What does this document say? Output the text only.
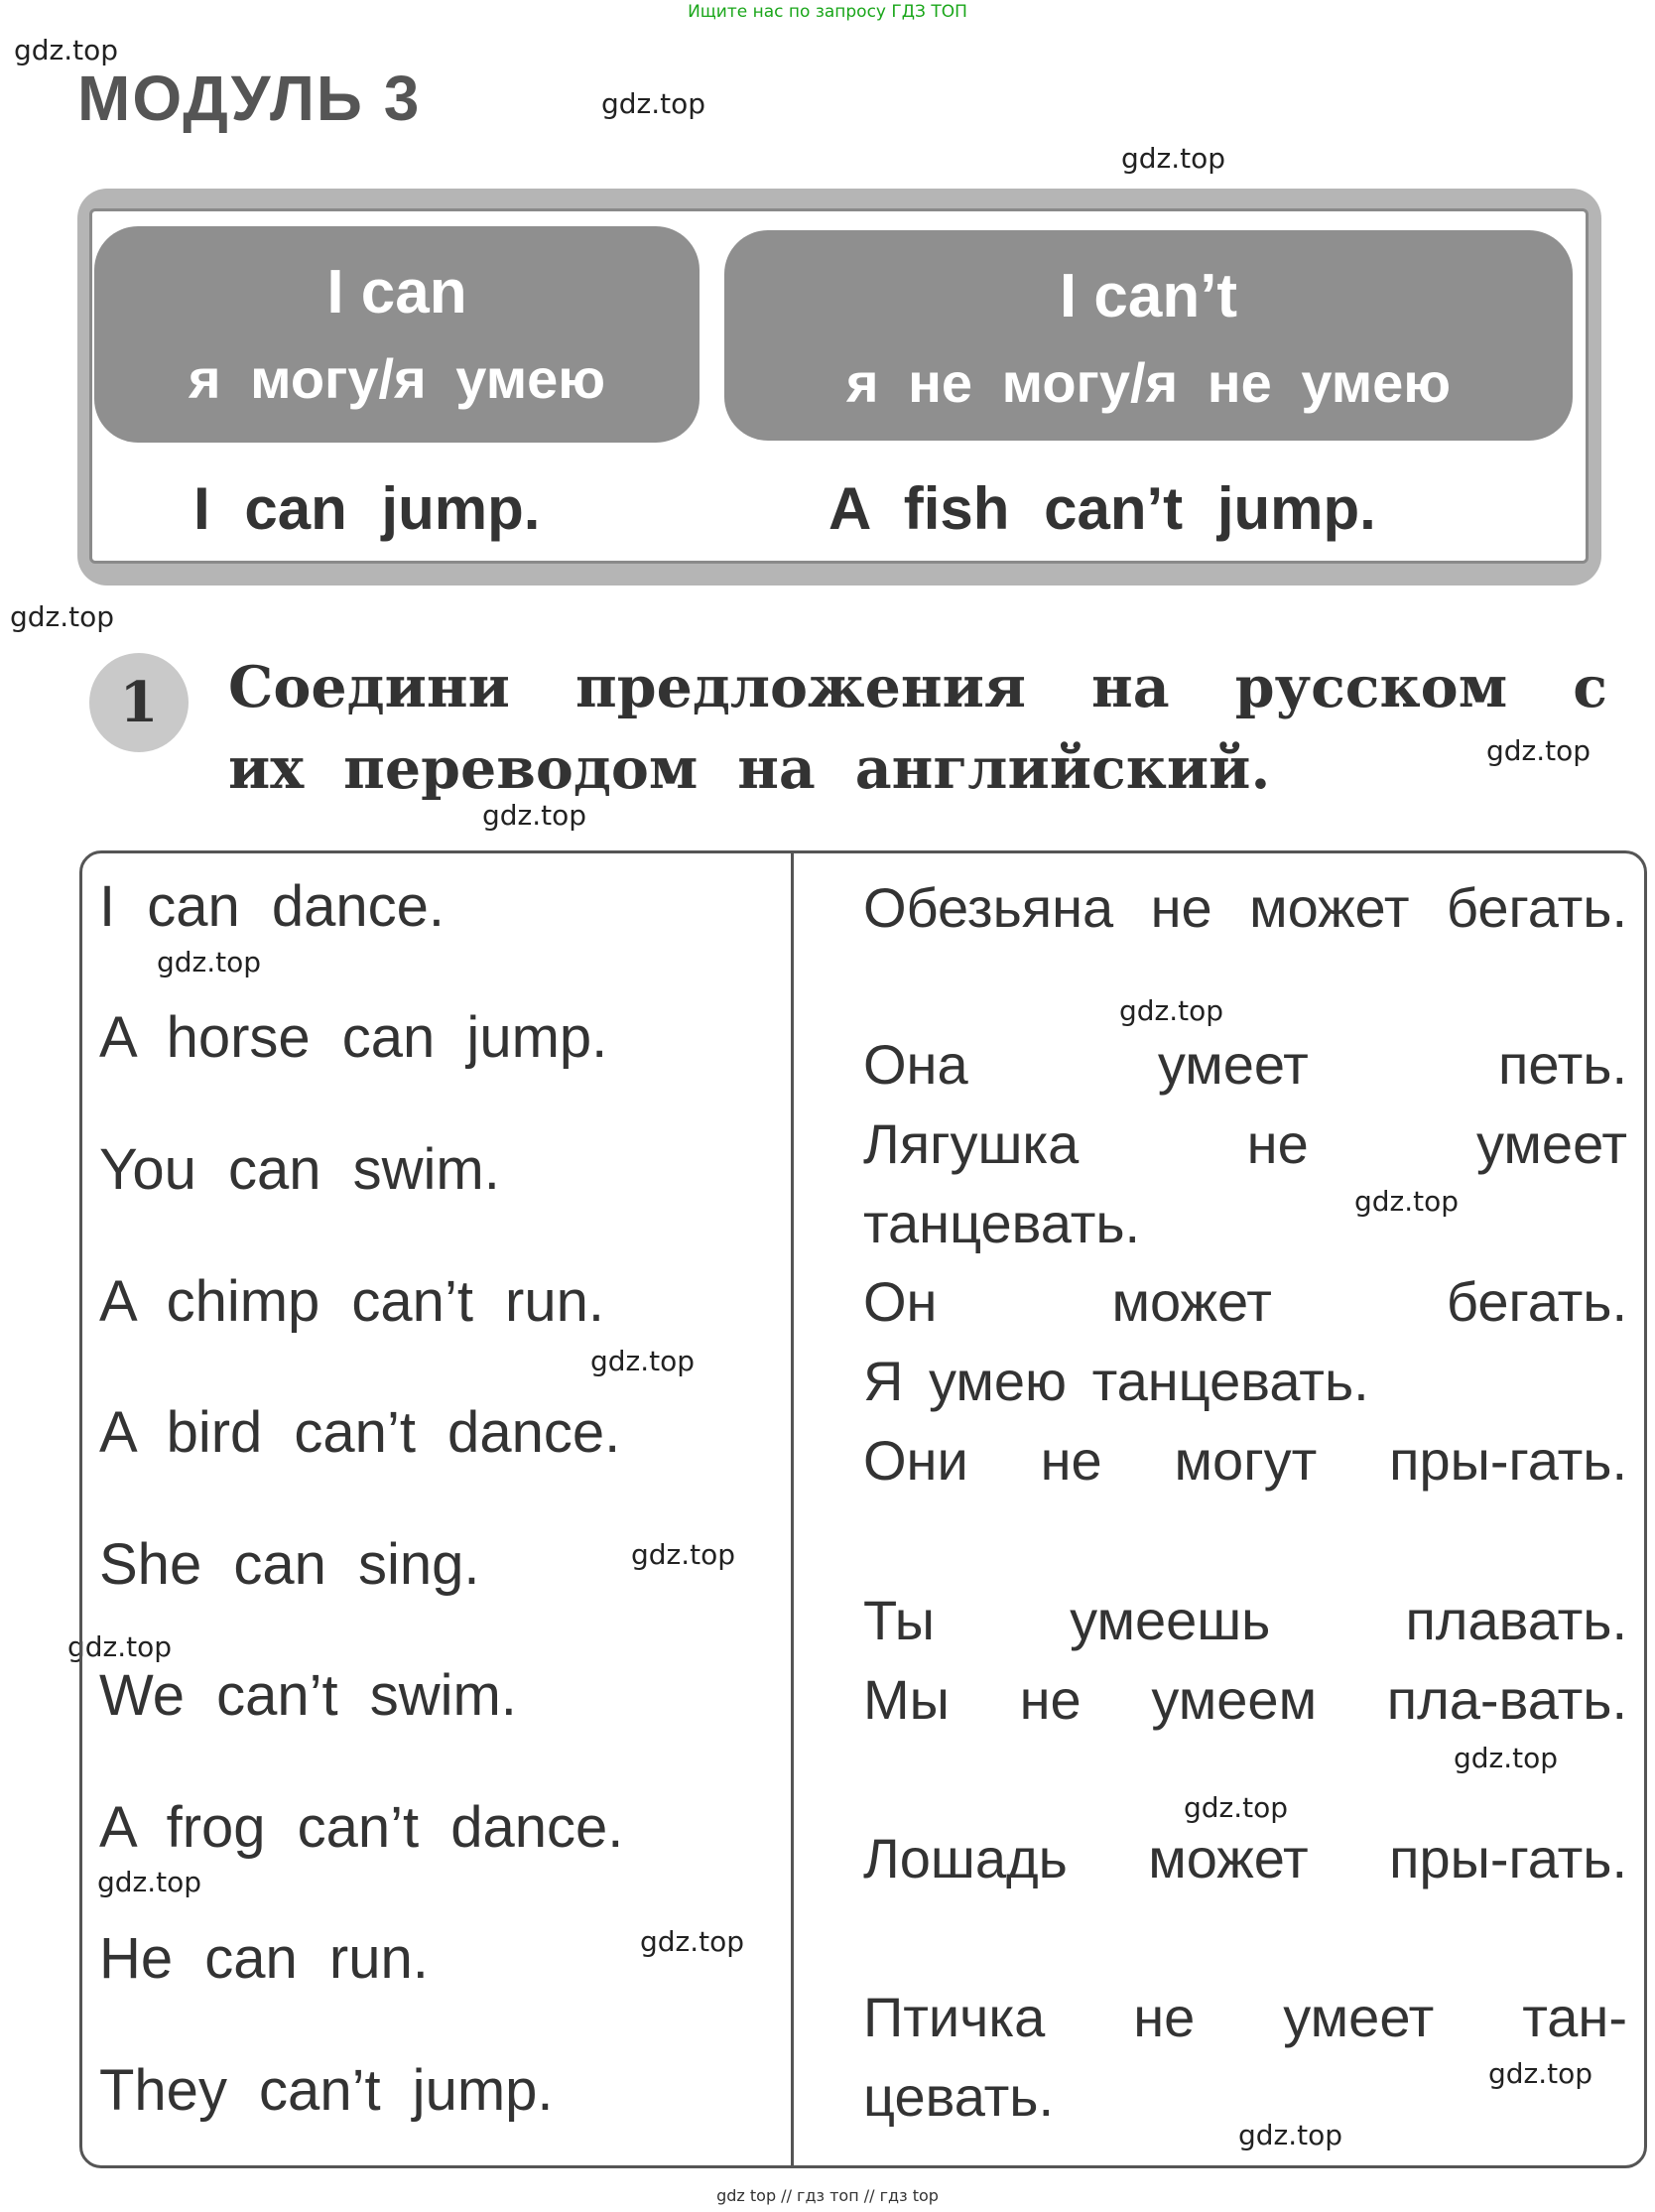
Ищите нас по запросу ГДЗ ТОП
gdz.top
gdz.top
gdz.top
gdz.top
gdz.top
gdz.top
gdz.top
gdz.top
gdz.top
gdz.top
gdz.top
gdz.top
gdz.top
gdz.top
gdz.top
gdz.top
gdz.top
gdz.top
МОДУЛЬ 3
I can
я могу/я умею
I can’t
я не могу/я не умею
I can jump.	A fish can’t jump.
1	Соедини предложения на русском с их переводом на английский.
I can dance.
A horse can jump.
You can swim.
A chimp can’t run.
A bird can’t dance.
She can sing.
We can’t swim.
A frog can’t dance.
He can run.
They can’t jump.
Обезьяна не может бегать.
Она умеет петь.
Лягушка не умеет танцевать.
Он может бегать.
Я умею танцевать.
Они не могут пры-гать.
Ты умеешь плавать.
Мы не умеем пла-вать.
Лошадь может пры-гать.
Птичка не умеет тан-цевать.
gdz top // гдз топ // гдз top
